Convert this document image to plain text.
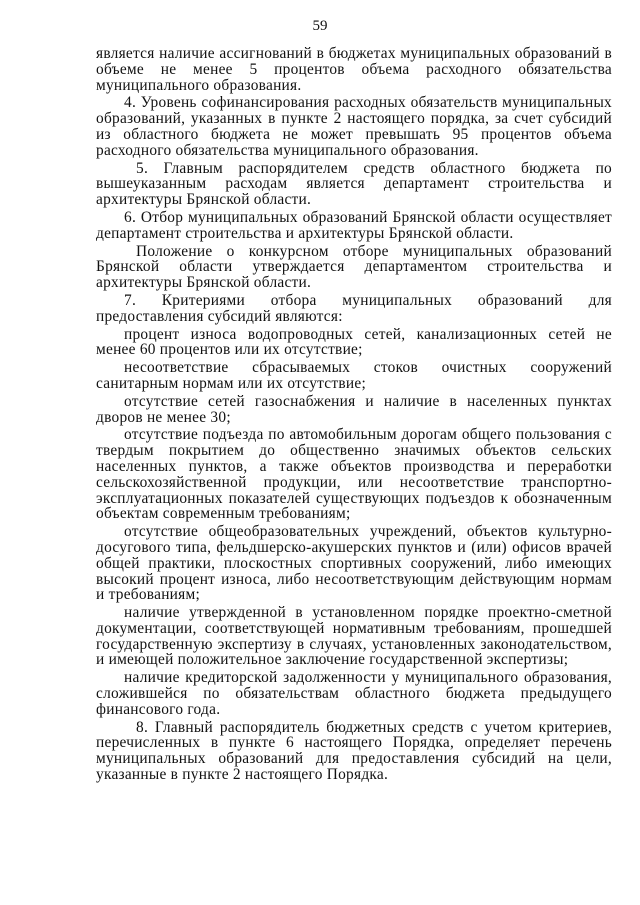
59

является наличие ассигнований в бюджетах муниципальных образований в объеме не менее 5 процентов объема расходного обязательства муниципального образования.

4. Уровень софинансирования расходных обязательств муниципальных образований, указанных в пункте 2 настоящего порядка, за счет субсидий из областного бюджета не может превышать 95 процентов объема расходного обязательства муниципального образования.

5. Главным распорядителем средств областного бюджета по вышеуказанным расходам является департамент строительства и архитектуры Брянской области.

6. Отбор муниципальных образований Брянской области осуществляет департамент строительства и архитектуры Брянской области.

Положение о конкурсном отборе муниципальных образований Брянской области утверждается департаментом строительства и архитектуры Брянской области.

7. Критериями отбора муниципальных образований для предоставления субсидий являются:

процент износа водопроводных сетей, канализационных сетей не менее 60 процентов или их отсутствие;

несоответствие сбрасываемых стоков очистных сооружений санитарным нормам или их отсутствие;

отсутствие сетей газоснабжения и наличие в населенных пунктах дворов не менее 30;

отсутствие подъезда по автомобильным дорогам общего пользования с твердым покрытием до общественно значимых объектов сельских населенных пунктов, а также объектов производства и переработки сельскохозяйственной продукции, или несоответствие транспортно-эксплуатационных показателей существующих подъездов к обозначенным объектам современным требованиям;

отсутствие общеобразовательных учреждений, объектов культурно-досугового типа, фельдшерско-акушерских пунктов и (или) офисов врачей общей практики, плоскостных спортивных сооружений, либо имеющих высокий процент износа, либо несоответствующим действующим нормам и требованиям;

наличие утвержденной в установленном порядке проектно-сметной документации, соответствующей нормативным требованиям, прошедшей государственную экспертизу в случаях, установленных законодательством, и имеющей положительное заключение государственной экспертизы;

наличие кредиторской задолженности у муниципального образования, сложившейся по обязательствам областного бюджета предыдущего финансового года.

8. Главный распорядитель бюджетных средств с учетом критериев, перечисленных в пункте 6 настоящего Порядка, определяет перечень муниципальных образований для предоставления субсидий на цели, указанные в пункте 2 настоящего Порядка.
